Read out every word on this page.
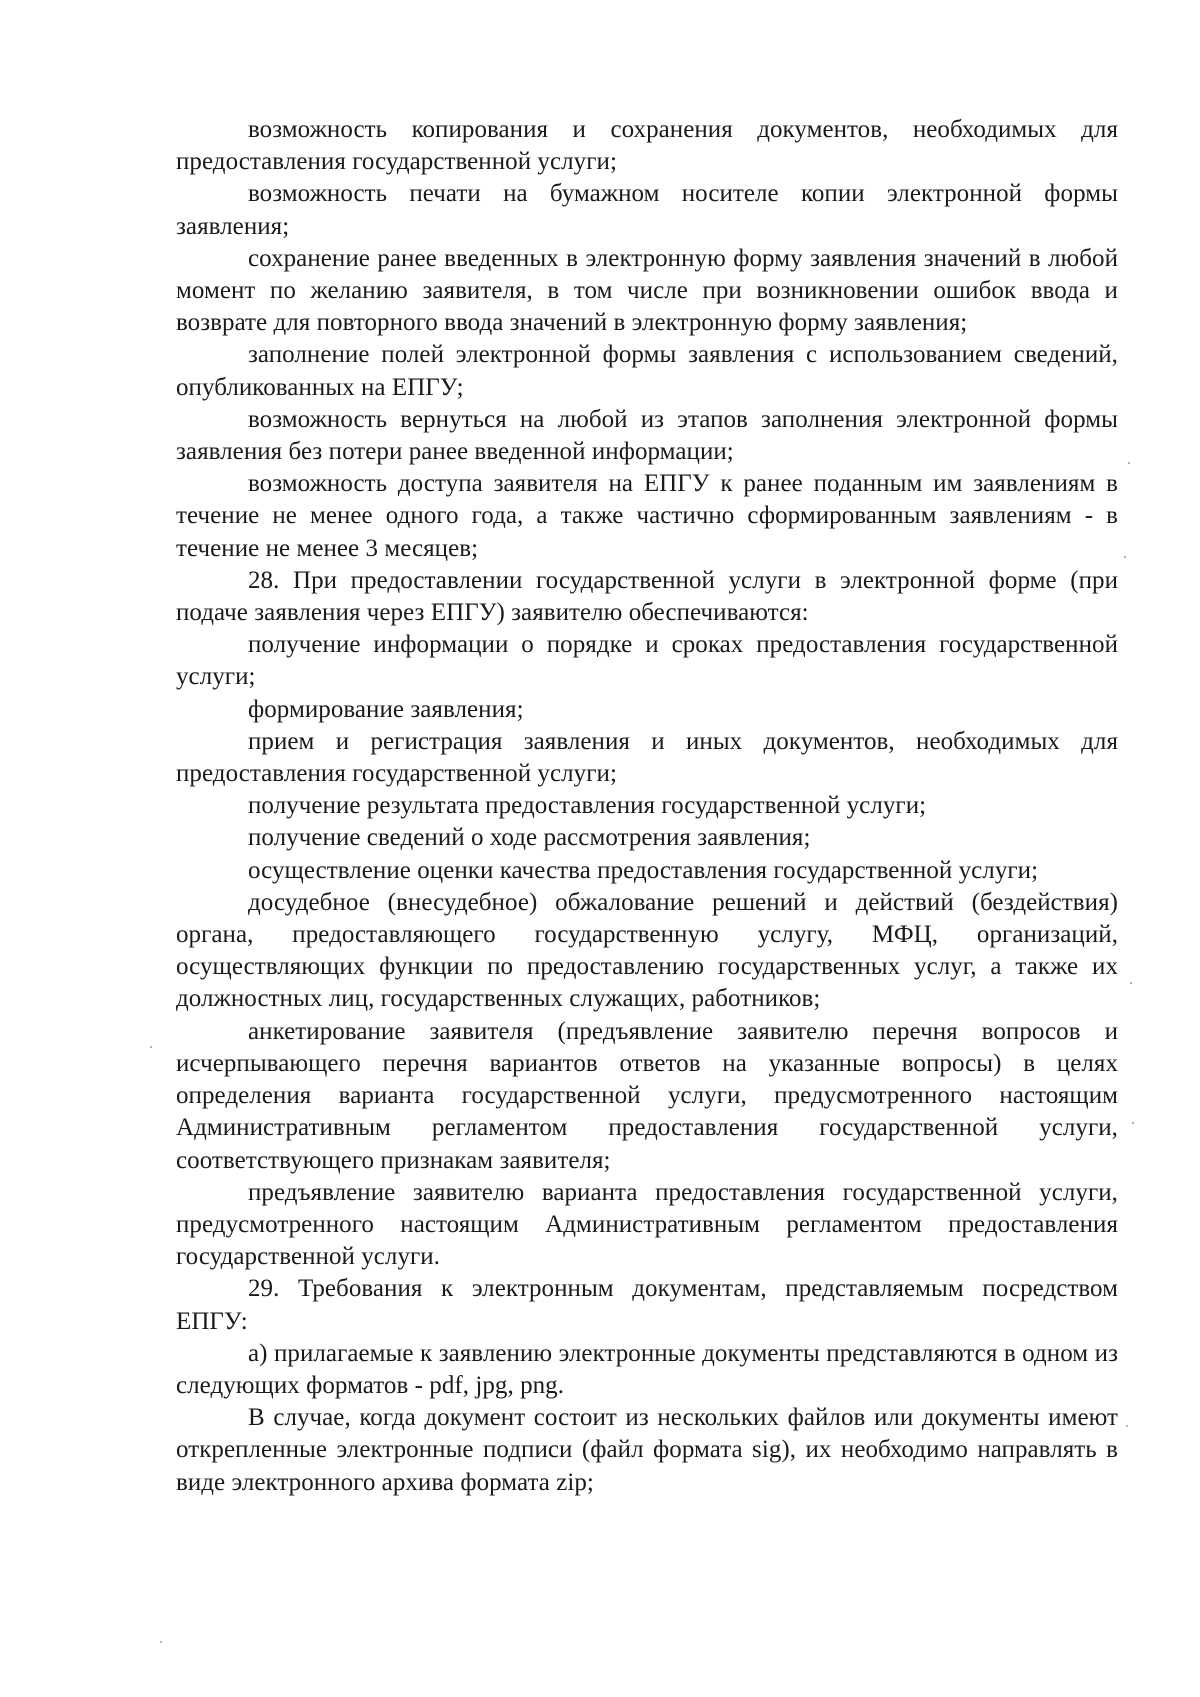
возможность копирования и сохранения документов, необходимых для предоставления государственной услуги;

возможность печати на бумажном носителе копии электронной формы заявления;

сохранение ранее введенных в электронную форму заявления значений в любой момент по желанию заявителя, в том числе при возникновении ошибок ввода и возврате для повторного ввода значений в электронную форму заявления;

заполнение полей электронной формы заявления с использованием сведений, опубликованных на ЕПГУ;

возможность вернуться на любой из этапов заполнения электронной формы заявления без потери ранее введенной информации;

возможность доступа заявителя на ЕПГУ к ранее поданным им заявлениям в течение не менее одного года, а также частично сформированным заявлениям - в течение не менее 3 месяцев;

28. При предоставлении государственной услуги в электронной форме (при подаче заявления через ЕПГУ) заявителю обеспечиваются:

получение информации о порядке и сроках предоставления государственной услуги;

формирование заявления;

прием и регистрация заявления и иных документов, необходимых для предоставления государственной услуги;

получение результата предоставления государственной услуги;

получение сведений о ходе рассмотрения заявления;

осуществление оценки качества предоставления государственной услуги;

досудебное (внесудебное) обжалование решений и действий (бездействия) органа, предоставляющего государственную услугу, МФЦ, организаций, осуществляющих функции по предоставлению государственных услуг, а также их должностных лиц, государственных служащих, работников;

анкетирование заявителя (предъявление заявителю перечня вопросов и исчерпывающего перечня вариантов ответов на указанные вопросы) в целях определения варианта государственной услуги, предусмотренного настоящим Административным регламентом предоставления государственной услуги, соответствующего признакам заявителя;

предъявление заявителю варианта предоставления государственной услуги, предусмотренного настоящим Административным регламентом предоставления государственной услуги.

29. Требования к электронным документам, представляемым посредством ЕПГУ:

а) прилагаемые к заявлению электронные документы представляются в одном из следующих форматов - pdf, jpg, png.

В случае, когда документ состоит из нескольких файлов или документы имеют открепленные электронные подписи (файл формата sig), их необходимо направлять в виде электронного архива формата zip;
